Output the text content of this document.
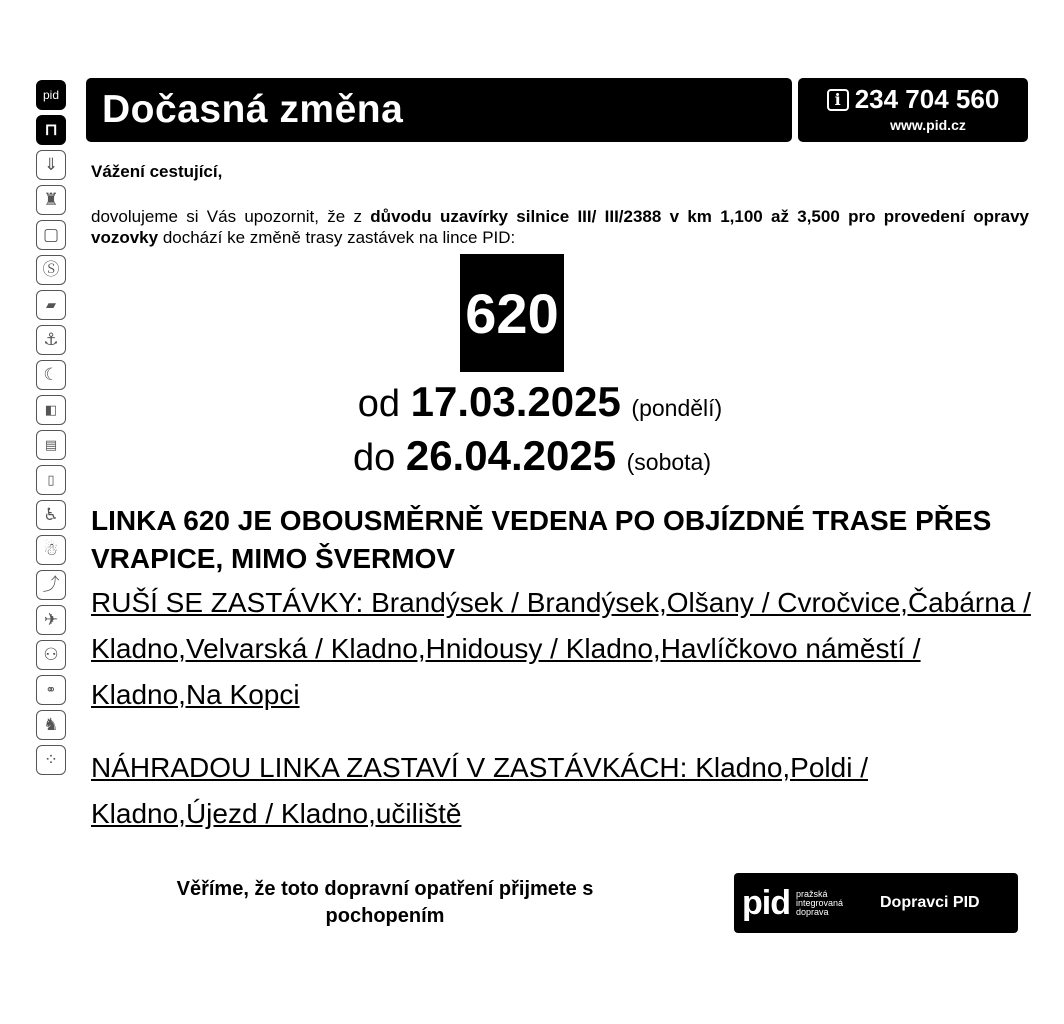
pid
⊓
⇓
♜
▢
Ⓢ
▰
⚓
☾
◧
▤
▯
♿
☃
⤴
✈
⚇
⚭
♞
⁘
Dočasná změna	i 234 704 560
www.pid.cz
Vážení cestující,
dovolujeme si Vás upozornit, že z důvodu uzavírky silnice III/ III/2388 v km 1,100 až 3,500 pro provedení opravy vozovky dochází ke změně trasy zastávek na lince PID:
620
od 17.03.2025 (pondělí)
do 26.04.2025 (sobota)
LINKA 620 JE OBOUSMĚRNĚ VEDENA PO OBJÍZDNÉ TRASE PŘES VRAPICE, MIMO ŠVERMOV
RUŠÍ SE ZASTÁVKY: Brandýsek / Brandýsek,Olšany / Cvročvice,Čabárna / Kladno,Velvarská / Kladno,Hnidousy / Kladno,Havlíčkovo náměstí / Kladno,Na Kopci
NÁHRADOU LINKA ZASTAVÍ V ZASTÁVKÁCH: Kladno,Poldi / Kladno,Újezd / Kladno,učiliště
Věříme, že toto dopravní opatření přijmete s pochopením	pid pražská integrovaná doprava
Dopravci PID
